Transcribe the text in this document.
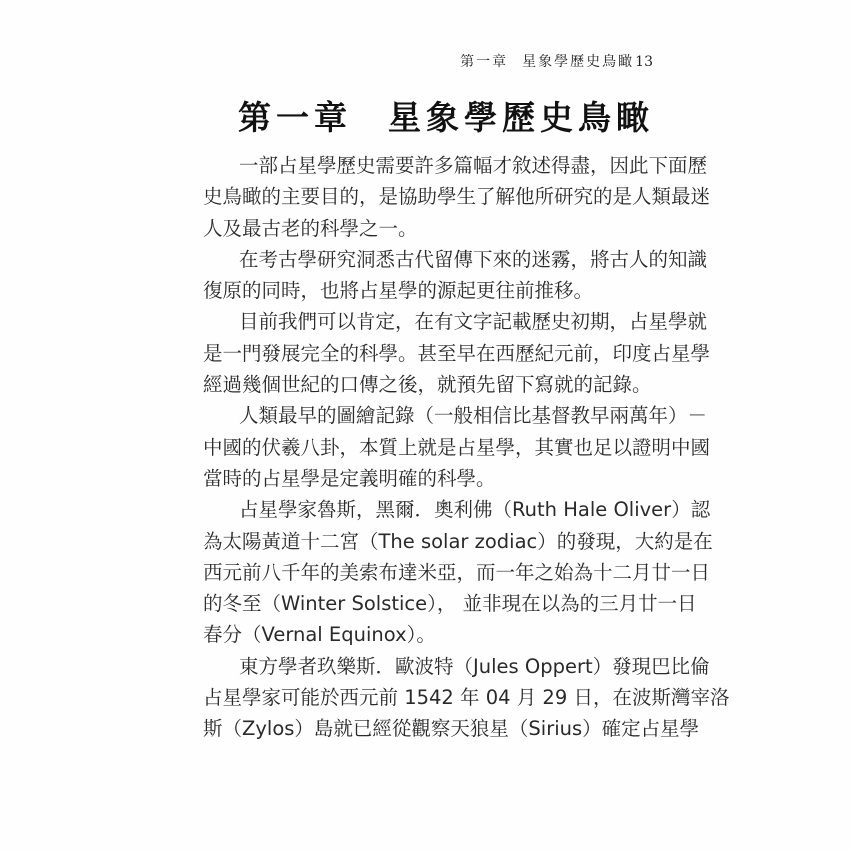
第一章 星象學歷史鳥瞰13
第一章 星象學歷史鳥瞰
一部占星學歷史需要許多篇幅才敘述得盡，因此下面歷
史鳥瞰的主要目的，是協助學生了解他所研究的是人類最迷
人及最古老的科學之一。
在考古學研究洞悉古代留傳下來的迷霧，將古人的知識
復原的同時，也將占星學的源起更往前推移。
目前我們可以肯定，在有文字記載歷史初期，占星學就
是一門發展完全的科學。甚至早在西歷紀元前，印度占星學
經過幾個世紀的口傳之後，就預先留下寫就的記錄。
人類最早的圖繪記錄（一般相信比基督教早兩萬年）－
中國的伏羲八卦，本質上就是占星學，其實也足以證明中國
當時的占星學是定義明確的科學。
占星學家魯斯，黑爾．奧利佛（Ruth Hale Oliver）認
為太陽黃道十二宮（The solar zodiac）的發現，大約是在
西元前八千年的美索布達米亞，而一年之始為十二月廿一日
的冬至（Winter Solstice）， 並非現在以為的三月廿一日
春分（Vernal Equinox）。
東方學者玖樂斯．歐波特（Jules Oppert）發現巴比倫
占星學家可能於西元前 1542 年 04 月 29 日，在波斯灣宰洛
斯（Zylos）島就已經從觀察天狼星（Sirius）確定占星學
